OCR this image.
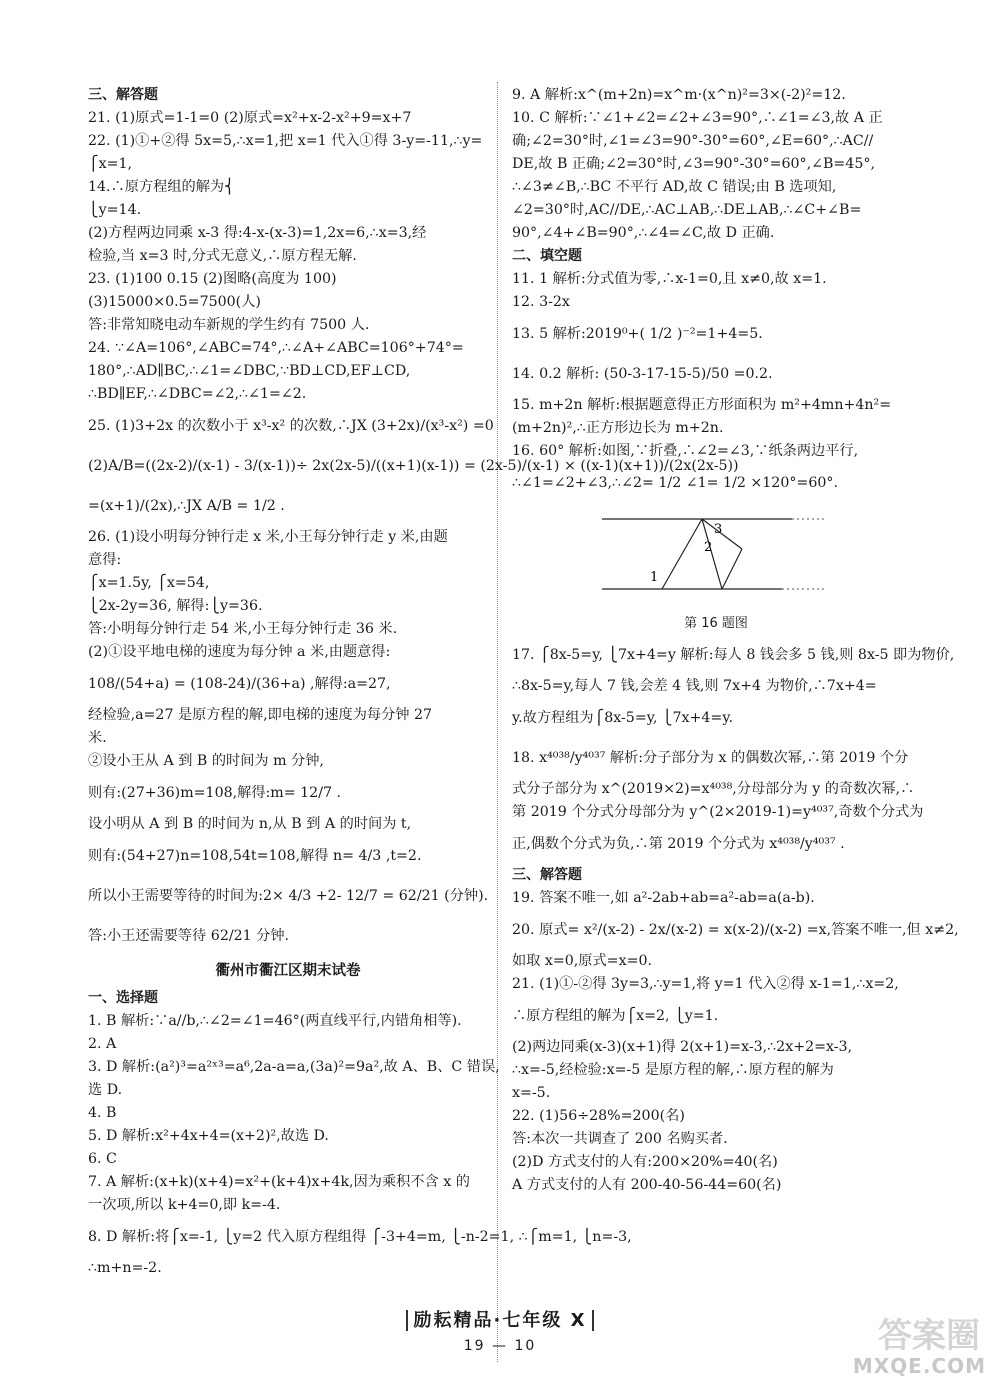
三、解答题
21. (1)原式=1-1=0 (2)原式=x²+x-2-x²+9=x+7
22. (1)①+②得 5x=5,∴x=1,把 x=1 代入①得 3-y=-11,∴y=
⎧x=1,
14.∴原方程组的解为⎨
⎩y=14.
(2)方程两边同乘 x-3 得:4-x-(x-3)=1,2x=6,∴x=3,经
检验,当 x=3 时,分式无意义,∴原方程无解.
23. (1)100 0.15 (2)图略(高度为 100)
(3)15000×0.5=7500(人)
答:非常知晓电动车新规的学生约有 7500 人.
24. ∵∠A=106°,∠ABC=74°,∴∠A+∠ABC=106°+74°=
180°,∴AD∥BC,∴∠1=∠DBC,∵BD⊥CD,EF⊥CD,
∴BD∥EF,∴∠DBC=∠2,∴∠1=∠2.
25. (1)3+2x 的次数小于 x³-x² 的次数,∴JX (3+2x)/(x³-x²) =0
(2)A/B=((2x-2)/(x-1) - 3/(x-1))÷ 2x(2x-5)/((x+1)(x-1)) = (2x-5)/(x-1) × ((x-1)(x+1))/(2x(2x-5))
=(x+1)/(2x),∴JX A/B = 1/2 .
26. (1)设小明每分钟行走 x 米,小王每分钟行走 y 米,由题
意得:
⎧x=1.5y, ⎧x=54,
⎩2x-2y=36, 解得:⎩y=36.
答:小明每分钟行走 54 米,小王每分钟行走 36 米.
(2)①设平地电梯的速度为每分钟 a 米,由题意得:
108/(54+a) = (108-24)/(36+a) ,解得:a=27,
经检验,a=27 是原方程的解,即电梯的速度为每分钟 27
米.
②设小王从 A 到 B 的时间为 m 分钟,
则有:(27+36)m=108,解得:m= 12/7 .
设小明从 A 到 B 的时间为 n,从 B 到 A 的时间为 t,
则有:(54+27)n=108,54t=108,解得 n= 4/3 ,t=2.
所以小王需要等待的时间为:2× 4/3 +2- 12/7 = 62/21 (分钟).
答:小王还需要等待 62/21 分钟.
衢州市衢江区期末试卷
一、选择题
1. B 解析:∵a//b,∴∠2=∠1=46°(两直线平行,内错角相等).
2. A
3. D 解析:(a²)³=a²ˣ³=a⁶,2a-a=a,(3a)²=9a²,故 A、B、C 错误,
选 D.
4. B
5. D 解析:x²+4x+4=(x+2)²,故选 D.
6. C
7. A 解析:(x+k)(x+4)=x²+(k+4)x+4k,因为乘积不含 x 的
一次项,所以 k+4=0,即 k=-4.
8. D 解析:将⎧x=-1, ⎩y=2 代入原方程组得 ⎧-3+4=m, ⎩-n-2=1, ∴⎧m=1, ⎩n=-3,
∴m+n=-2.
9. A 解析:x^(m+2n)=x^m·(x^n)²=3×(-2)²=12.
10. C 解析:∵∠1+∠2=∠2+∠3=90°,∴∠1=∠3,故 A 正
确;∠2=30°时,∠1=∠3=90°-30°=60°,∠E=60°,∴AC//
DE,故 B 正确;∠2=30°时,∠3=90°-30°=60°,∠B=45°,
∴∠3≠∠B,∴BC 不平行 AD,故 C 错误;由 B 选项知,
∠2=30°时,AC//DE,∴AC⊥AB,∴DE⊥AB,∴∠C+∠B=
90°,∠4+∠B=90°,∴∠4=∠C,故 D 正确.
二、填空题
11. 1 解析:分式值为零,∴x-1=0,且 x≠0,故 x=1.
12. 3-2x
13. 5 解析:2019⁰+( 1/2 )⁻²=1+4=5.
14. 0.2 解析: (50-3-17-15-5)/50 =0.2.
15. m+2n 解析:根据题意得正方形面积为 m²+4mn+4n²=
(m+2n)²,∴正方形边长为 m+2n.
16. 60° 解析:如图,∵折叠,∴∠2=∠3,∵纸条两边平行,
∴∠1=∠2+∠3,∴∠2= 1/2 ∠1= 1/2 ×120°=60°.
1
2
3
第 16 题图
17. ⎧8x-5=y, ⎩7x+4=y 解析:每人 8 钱会多 5 钱,则 8x-5 即为物价,
∴8x-5=y,每人 7 钱,会差 4 钱,则 7x+4 为物价,∴7x+4=
y.故方程组为⎧8x-5=y, ⎩7x+4=y.
18. x⁴⁰³⁸/y⁴⁰³⁷ 解析:分子部分为 x 的偶数次幂,∴第 2019 个分
式分子部分为 x^(2019×2)=x⁴⁰³⁸,分母部分为 y 的奇数次幂,∴
第 2019 个分式分母部分为 y^(2×2019-1)=y⁴⁰³⁷,奇数个分式为
正,偶数个分式为负,∴第 2019 个分式为 x⁴⁰³⁸/y⁴⁰³⁷ .
三、解答题
19. 答案不唯一,如 a²-2ab+ab=a²-ab=a(a-b).
20. 原式= x²/(x-2) - 2x/(x-2) = x(x-2)/(x-2) =x,答案不唯一,但 x≠2,
如取 x=0,原式=x=0.
21. (1)①-②得 3y=3,∴y=1,将 y=1 代入②得 x-1=1,∴x=2,
∴原方程组的解为⎧x=2, ⎩y=1.
(2)两边同乘(x-3)(x+1)得 2(x+1)=x-3,∴2x+2=x-3,
∴x=-5,经检验:x=-5 是原方程的解,∴原方程的解为
x=-5.
22. (1)56÷28%=200(名)
答:本次一共调查了 200 名购买者.
(2)D 方式支付的人有:200×20%=40(名)
A 方式支付的人有 200-40-56-44=60(名)
励耘精品·七年级 X
19 — 10	答案圈
MXQE.COM
